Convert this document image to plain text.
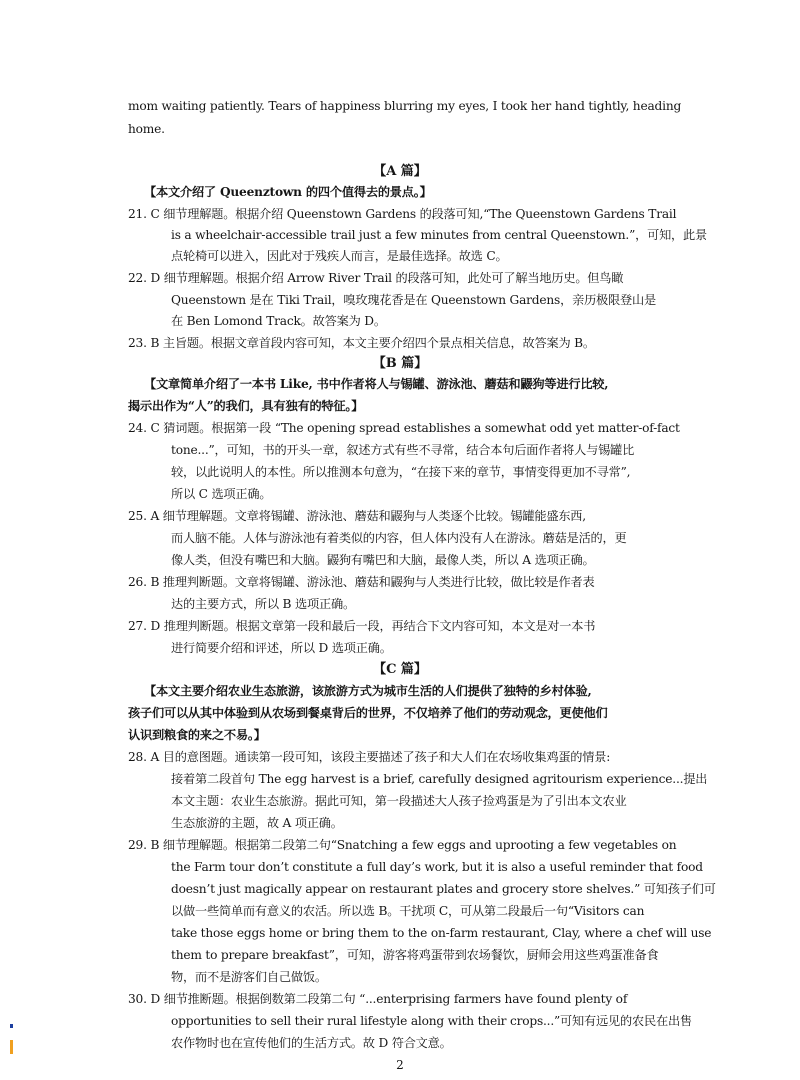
mom waiting patiently. Tears of happiness blurring my eyes, I took her hand tightly, heading
home.
【A 篇】
【本文介绍了 Queenztown 的四个值得去的景点。】
21. C 细节理解题。根据介绍 Queenstown Gardens 的段落可知,“The Queenstown Gardens Trail
is a wheelchair-accessible trail just a few minutes from central Queenstown.”，可知，此景
点轮椅可以进入，因此对于残疾人而言，是最佳选择。故选 C。
22. D 细节理解题。根据介绍 Arrow River Trail 的段落可知，此处可了解当地历史。但鸟瞰
Queenstown 是在 Tiki Trail，嗅玫瑰花香是在 Queenstown Gardens，亲历极限登山是
在 Ben Lomond Track。故答案为 D。
23. B 主旨题。根据文章首段内容可知，本文主要介绍四个景点相关信息，故答案为 B。
【B 篇】
【文章简单介绍了一本书 Like, 书中作者将人与锡罐、游泳池、蘑菇和鼹狗等进行比较,
揭示出作为“人”的我们，具有独有的特征。】
24. C 猜词题。根据第一段 “The opening spread establishes a somewhat odd yet matter-of-fact
tone...”，可知，书的开头一章，叙述方式有些不寻常，结合本句后面作者将人与锡罐比
较，以此说明人的本性。所以推测本句意为，“在接下来的章节，事情变得更加不寻常”,
所以 C 选项正确。
25. A 细节理解题。文章将锡罐、游泳池、蘑菇和鼹狗与人类逐个比较。锡罐能盛东西,
而人脑不能。人体与游泳池有着类似的内容，但人体内没有人在游泳。蘑菇是活的，更
像人类，但没有嘴巴和大脑。鼹狗有嘴巴和大脑，最像人类，所以 A 选项正确。
26. B 推理判断题。文章将锡罐、游泳池、蘑菇和鼹狗与人类进行比较，做比较是作者表
达的主要方式，所以 B 选项正确。
27. D 推理判断题。根据文章第一段和最后一段，再结合下文内容可知，本文是对一本书
进行简要介绍和评述，所以 D 选项正确。
【C 篇】
【本文主要介绍农业生态旅游，该旅游方式为城市生活的人们提供了独特的乡村体验,
孩子们可以从其中体验到从农场到餐桌背后的世界，不仅培养了他们的劳动观念，更使他们
认识到粮食的来之不易。】
28. A 目的意图题。通读第一段可知，该段主要描述了孩子和大人们在农场收集鸡蛋的情景:
接着第二段首句 The egg harvest is a brief, carefully designed agritourism experience...提出
本文主题：农业生态旅游。据此可知，第一段描述大人孩子捡鸡蛋是为了引出本文农业
生态旅游的主题，故 A 项正确。
29. B 细节理解题。根据第二段第二句“Snatching a few eggs and uprooting a few vegetables on
the Farm tour don’t constitute a full day’s work, but it is also a useful reminder that food
doesn’t just magically appear on restaurant plates and grocery store shelves.” 可知孩子们可
以做一些简单而有意义的农活。所以选 B。干扰项 C，可从第二段最后一句“Visitors can
take those eggs home or bring them to the on-farm restaurant, Clay, where a chef will use
them to prepare breakfast”，可知，游客将鸡蛋带到农场餐饮，厨师会用这些鸡蛋准备食
物，而不是游客们自己做饭。
30. D 细节推断题。根据倒数第二段第二句 “...enterprising farmers have found plenty of
opportunities to sell their rural lifestyle along with their crops...”可知有远见的农民在出售
农作物时也在宣传他们的生活方式。故 D 符合文意。
2
